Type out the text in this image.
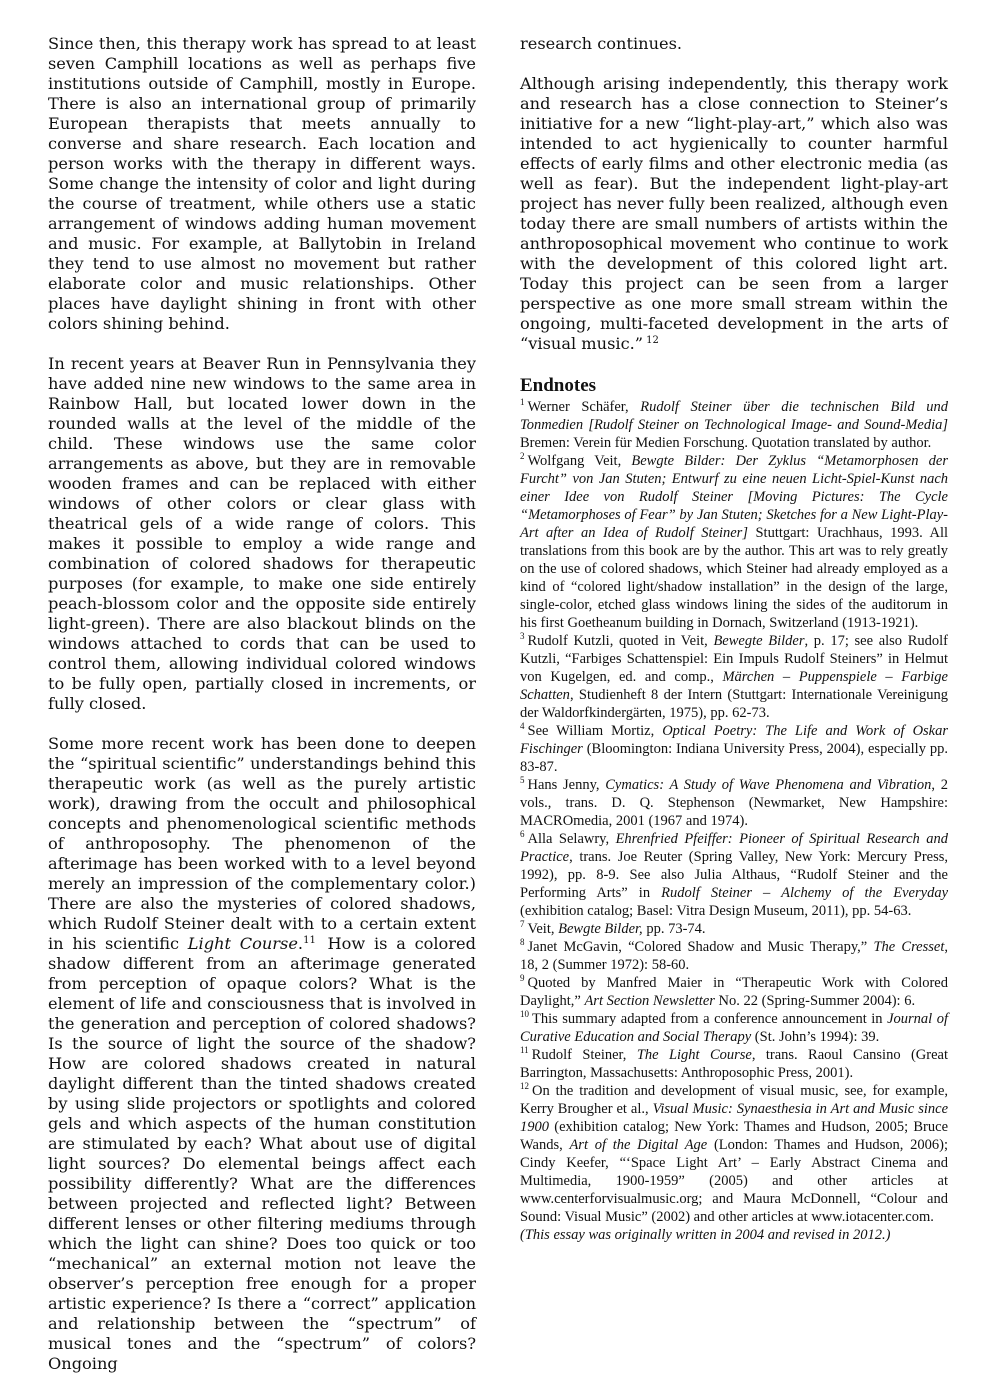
Since then, this therapy work has spread to at least seven Camphill locations as well as perhaps five institutions outside of Camphill, mostly in Europe. There is also an international group of primarily European therapists that meets annually to converse and share research. Each location and person works with the therapy in different ways. Some change the intensity of color and light during the course of treatment, while others use a static arrangement of windows adding human movement and music. For example, at Ballytobin in Ireland they tend to use almost no movement but rather elaborate color and music relationships. Other places have daylight shining in front with other colors shining behind.

In recent years at Beaver Run in Pennsylvania they have added nine new windows to the same area in Rainbow Hall, but located lower down in the rounded walls at the level of the middle of the child. These windows use the same color arrangements as above, but they are in removable wooden frames and can be replaced with either windows of other colors or clear glass with theatrical gels of a wide range of colors. This makes it possible to employ a wide range and combination of colored shadows for therapeutic purposes (for example, to make one side entirely peach-blossom color and the opposite side entirely light-green). There are also blackout blinds on the windows attached to cords that can be used to control them, allowing individual colored windows to be fully open, partially closed in increments, or fully closed.

Some more recent work has been done to deepen the “spiritual scientific” understandings behind this therapeutic work (as well as the purely artistic work), drawing from the occult and philosophical concepts and phenomenological scientific methods of anthroposophy. The phenomenon of the afterimage has been worked with to a level beyond merely an impression of the complementary color.) There are also the mysteries of colored shadows, which Rudolf Steiner dealt with to a certain extent in his scientific Light Course.$^{11}$ How is a colored shadow different from an afterimage generated from perception of opaque colors? What is the element of life and consciousness that is involved in the generation and perception of colored shadows? Is the source of light the source of the shadow? How are colored shadows created in natural daylight different than the tinted shadows created by using slide projectors or spotlights and colored gels and which aspects of the human constitution are stimulated by each? What about use of digital light sources? Do elemental beings affect each possibility differently? What are the differences between projected and reflected light? Between different lenses or other filtering mediums through which the light can shine? Does too quick or too “mechanical” an external motion not leave the observer’s perception free enough for a proper artistic experience? Is there a “correct” application and relationship between the “spectrum” of musical tones and the “spectrum” of colors? Ongoing

research continues.

Although arising independently, this therapy work and research has a close connection to Steiner’s initiative for a new “light-play-art,” which also was intended to act hygienically to counter harmful effects of early films and other electronic media (as well as fear). But the independent light-play-art project has never fully been realized, although even today there are small numbers of artists within the anthroposophical movement who continue to work with the development of this colored light art. Today this project can be seen from a larger perspective as one more small stream within the ongoing, multi-faceted development in the arts of “visual music.” $^{12}$

Endnotes

$^1$ Werner Schäfer, Rudolf Steiner über die technischen Bild und Tonmedien [Rudolf Steiner on Technological Image- and Sound-Media] Bremen: Verein für Medien Forschung. Quotation translated by author.

$^2$ Wolfgang Veit, Bewgte Bilder: Der Zyklus “Metamorphosen der Furcht” von Jan Stuten; Entwurf zu eine neuen Licht-Spiel-Kunst nach einer Idee von Rudolf Steiner [Moving Pictures: The Cycle “Metamorphoses of Fear” by Jan Stuten; Sketches for a New Light-Play-Art after an Idea of Rudolf Steiner] Stuttgart: Urachhaus, 1993. All translations from this book are by the author. This art was to rely greatly on the use of colored shadows, which Steiner had already employed as a kind of “colored light/shadow installation” in the design of the large, single-color, etched glass windows lining the sides of the auditorum in his first Goetheanum building in Dornach, Switzerland (1913-1921).

$^3$ Rudolf Kutzli, quoted in Veit, Bewegte Bilder, p. 17; see also Rudolf Kutzli, “Farbiges Schattenspiel: Ein Impuls Rudolf Steiners” in Helmut von Kugelgen, ed. and comp., Märchen – Puppenspiele – Farbige Schatten, Studienheft 8 der Intern (Stuttgart: Internationale Vereinigung der Waldorfkindergärten, 1975), pp. 62-73.

$^4$ See William Mortiz, Optical Poetry: The Life and Work of Oskar Fischinger (Bloomington: Indiana University Press, 2004), especially pp. 83-87.

$^5$ Hans Jenny, Cymatics: A Study of Wave Phenomena and Vibration, 2 vols., trans. D. Q. Stephenson (Newmarket, New Hampshire: MACROmedia, 2001 (1967 and 1974).

$^6$ Alla Selawry, Ehrenfried Pfeiffer: Pioneer of Spiritual Research and Practice, trans. Joe Reuter (Spring Valley, New York: Mercury Press, 1992), pp. 8-9. See also Julia Althaus, “Rudolf Steiner and the Performing Arts” in Rudolf Steiner – Alchemy of the Everyday (exhibition catalog; Basel: Vitra Design Museum, 2011), pp. 54-63.

$^7$ Veit, Bewgte Bilder, pp. 73-74.

$^8$ Janet McGavin, “Colored Shadow and Music Therapy,” The Cresset, 18, 2 (Summer 1972): 58-60.

$^9$ Quoted by Manfred Maier in “Therapeutic Work with Colored Daylight,” Art Section Newsletter No. 22 (Spring-Summer 2004): 6.

$^{10}$ This summary adapted from a conference announcement in Journal of Curative Education and Social Therapy (St. John’s 1994): 39.

$^{11}$ Rudolf Steiner, The Light Course, trans. Raoul Cansino (Great Barrington, Massachusetts: Anthroposophic Press, 2001).

$^{12}$ On the tradition and development of visual music, see, for example, Kerry Brougher et al., Visual Music: Synaesthesia in Art and Music since 1900 (exhibition catalog; New York: Thames and Hudson, 2005; Bruce Wands, Art of the Digital Age (London: Thames and Hudson, 2006); Cindy Keefer, “‘Space Light Art’ – Early Abstract Cinema and Multimedia, 1900-1959” (2005) and other articles at www.centerforvisualmusic.org; and Maura McDonnell, “Colour and Sound: Visual Music” (2002) and other articles at www.iotacenter.com.

(This essay was originally written in 2004 and revised in 2012.)
